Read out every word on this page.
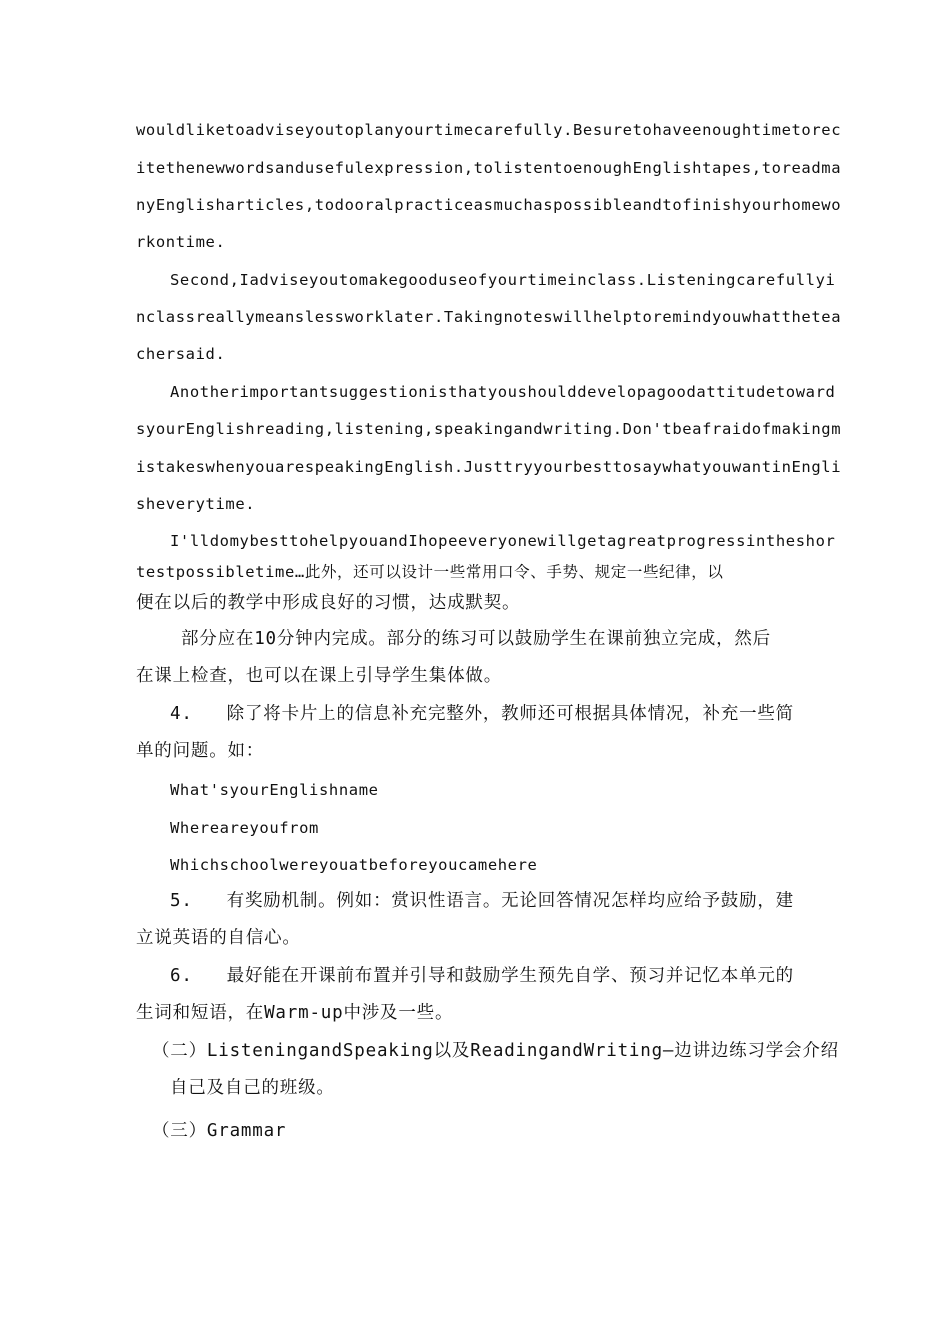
wouldliketoadviseyoutoplanyourtimecarefully.Besuretohaveenoughtimetorec
itethenewwordsandusefulexpression,tolistentoenoughEnglishtapes,toreadma
nyEnglisharticles,todooralpracticeasmuchaspossibleandtofinishyourhomewo
rkontime.
Second,Iadviseyoutomakegooduseofyourtimeinclass.Listeningcarefullyi
nclassreallymeanslessworklater.Takingnoteswillhelptoremindyouwhatthetea
chersaid.
Anotherimportantsuggestionisthatyoushoulddevelopagoodattitudetoward
syourEnglishreading,listening,speakingandwriting.Don'tbeafraidofmakingm
istakeswhenyouarespeakingEnglish.JusttryyourbesttosaywhatyouwantinEngli
sheverytime.
I'lldomybesttohelpyouandIhopeeveryonewillgetagreatprogressintheshor
testpossibletime…此外，还可以设计一些常用口令、手势、规定一些纪律，以
便在以后的教学中形成良好的习惯，达成默契。
部分应在10分钟内完成。部分的练习可以鼓励学生在课前独立完成，然后
在课上检查，也可以在课上引导学生集体做。
4.   除了将卡片上的信息补充完整外，教师还可根据具体情况，补充一些简
单的问题。如：
What'syourEnglishname
Whereareyoufrom
Whichschoolwereyouatbeforeyoucamehere
5.   有奖励机制。例如：赏识性语言。无论回答情况怎样均应给予鼓励，建
立说英语的自信心。
6.   最好能在开课前布置并引导和鼓励学生预先自学、预习并记忆本单元的
生词和短语，在Warm-up中涉及一些。
（二）ListeningandSpeaking以及ReadingandWriting—边讲边练习学会介绍
自己及自己的班级。
（三）Grammar
